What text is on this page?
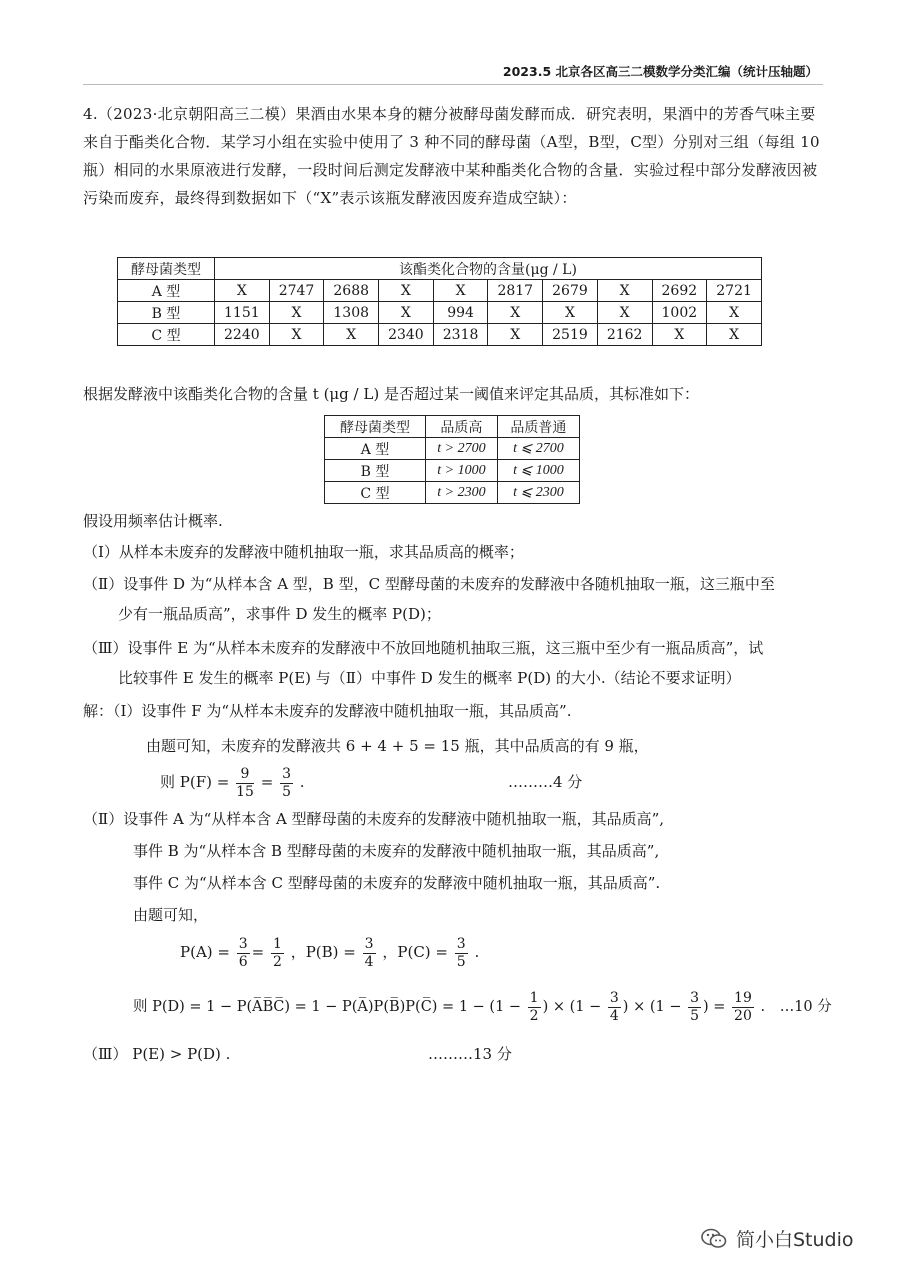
2023.5 北京各区高三二模数学分类汇编（统计压轴题）
4.（2023·北京朝阳高三二模）果酒由水果本身的糖分被酵母菌发酵而成．研究表明，果酒中的芳香气味主要来自于酯类化合物．某学习小组在实验中使用了 3 种不同的酵母菌（A型，B型，C型）分别对三组（每组 10瓶）相同的水果原液进行发酵，一段时间后测定发酵液中某种酯类化合物的含量．实验过程中部分发酵液因被污染而废弃，最终得到数据如下（“X”表示该瓶发酵液因废弃造成空缺）：
酵母菌类型	该酯类化合物的含量(μg / L)									
A 型	X	2747	2688	X	X	2817	2679	X	2692	2721
B 型	1151	X	1308	X	994	X	X	X	1002	X
C 型	2240	X	X	2340	2318	X	2519	2162	X	X
根据发酵液中该酯类化合物的含量 t (μg / L) 是否超过某一阈值来评定其品质，其标准如下：
酵母菌类型	品质高	品质普通
A 型	t > 2700	t ⩽ 2700
B 型	t > 1000	t ⩽ 1000
C 型	t > 2300	t ⩽ 2300
假设用频率估计概率.
（Ⅰ）从样本未废弃的发酵液中随机抽取一瓶，求其品质高的概率；
（Ⅱ）设事件 D 为“从样本含 A 型，B 型，C 型酵母菌的未废弃的发酵液中各随机抽取一瓶，这三瓶中至
少有一瓶品质高”，求事件 D 发生的概率 P(D)；
（Ⅲ）设事件 E 为“从样本未废弃的发酵液中不放回地随机抽取三瓶，这三瓶中至少有一瓶品质高”，试
比较事件 E 发生的概率 P(E) 与（Ⅱ）中事件 D 发生的概率 P(D) 的大小.（结论不要求证明）
解：（Ⅰ）设事件 F 为“从样本未废弃的发酵液中随机抽取一瓶，其品质高”.
由题可知，未废弃的发酵液共 6 + 4 + 5 = 15 瓶，其中品质高的有 9 瓶，
则 $P(F) = \frac{9}{15} = \frac{3}{5}$ .	………4 分
（Ⅱ）设事件 A 为“从样本含 A 型酵母菌的未废弃的发酵液中随机抽取一瓶，其品质高”,
事件 B 为“从样本含 B 型酵母菌的未废弃的发酵液中随机抽取一瓶，其品质高”,
事件 C 为“从样本含 C 型酵母菌的未废弃的发酵液中随机抽取一瓶，其品质高”.
由题可知，
$P(A) = \frac{3}{6} = \frac{1}{2}$ ，$P(B) = \frac{3}{4}$ ，$P(C) = \frac{3}{5}$ .
则 P(D) = 1 − P(A̅B̅C̅) = 1 − P(A̅)P(B̅)P(C̅) = $1 - (1 - \frac{1}{2}$ ) × ($1 - \frac{3}{4}$ ) × ($1 - \frac{3}{5}$ ) = $\frac{19}{20}$ . …10 分
（Ⅲ） P(E) > P(D) .	………13 分
简小白Studio
